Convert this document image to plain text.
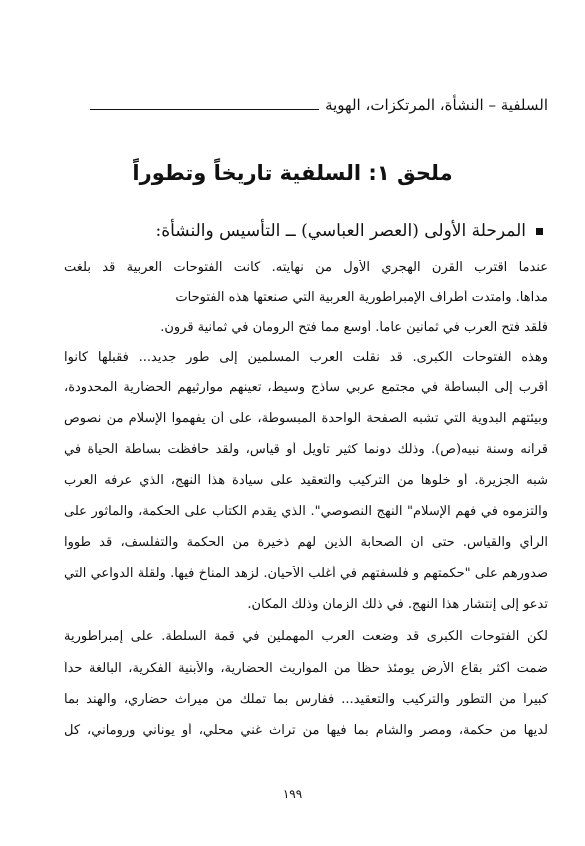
السلفية – النشأة، المرتكزات، الهوية
ملحق ١: السلفية تاريخاً وتطوراً
المرحلة الأولى (العصر العباسي) ــ التأسيس والنشأة:
عندما اقترب القرن الهجري الأول من نهايته. كانت الفتوحات العربية قد بلغت
مداها. وامتدت أطراف الإمبراطورية العربية التي صنعتها هذه الفتوحات
فلقد فتح العرب في ثمانين عاماً. أوسع مما فتح الرومان في ثمانية قرون.
وهذه الفتوحات الكبرى. قد نقلت العرب المسلمين إلى طور جديد... فقبلها كانوا
أقرب إلى البساطة في مجتمع عربي ساذج وسيط، تعينهم موارثيهم الحضارية المحدودة،
وبيئتهم البدوية التي تشبه الصفحة الواحدة المبسوطة، على أن يفهموا الإسلام من نصوص
قرآنه وسنة نبيه(ص). وذلك دونما كثير تأويل أو قياس، ولقد حافظت بساطة الحياة في
شبه الجزيرة. أو خلوها من التركيب والتعقيد على سيادة هذا النهج، الذي عرفه العرب
والتزموه في فهم الإسلام" النهج النصوصي". الذي يقدم الكتاب على الحكمة، والمأثور على
الرأي والقياس. حتى ان الصحابة الذين لهم ذخيرة من الحكمة والتفلسف، قد طووا
صدورهم على "حكمتهم و فلسفتهم في أغلب الأحيان. لزهد المناخ فيها. ولقلة الدواعي التي
تدعو إلى إنتشار هذا النهج. في ذلك الزمان وذلك المكان.
لكن الفتوحات الكبرى قد وضعت العرب المهملين في قمة السلطة. على إمبراطورية
ضمت أكثر بقاع الأرض يومئذ حظاً من المواريث الحضارية، والأبنية الفكرية، البالغة حداً
كبيراً من التطور والتركيب والتعقيد... ففارس بما تملك من ميراث حضاري، والهند بما
لديها من حكمة، ومصر والشام بما فيها من تراث غني محلي، أو يوناني وروماني، كل
١٩٩
